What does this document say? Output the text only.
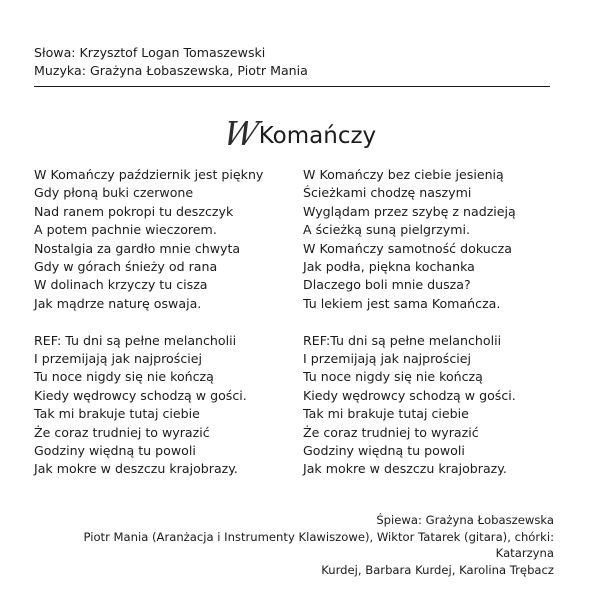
Słowa: Krzysztof Logan Tomaszewski
Muzyka: Grażyna Łobaszewska, Piotr Mania
W Komańczy
W Komańczy październik jest piękny
Gdy płoną buki czerwone
Nad ranem pokropi tu deszczyk
A potem pachnie wieczorem.
Nostalgia za gardło mnie chwyta
Gdy w górach śnieży od rana
W dolinach krzyczy tu cisza
Jak mądrze naturę oswaja.
REF: Tu dni są pełne melancholii
I przemijają jak najprościej
Tu noce nigdy się nie kończą
Kiedy wędrowcy schodzą w gości.
Tak mi brakuje tutaj ciebie
Że coraz trudniej to wyrazić
Godziny więdną tu powoli
Jak mokre w deszczu krajobrazy.
W Komańczy bez ciebie jesienią
Ścieżkami chodzę naszymi
Wyglądam przez szybę z nadzieją
A ścieżką suną pielgrzymi.
W Komańczy samotność dokucza
Jak podła, piękna kochanka
Dlaczego boli mnie dusza?
Tu lekiem jest sama Komańcza.
REF:Tu dni są pełne melancholii
I przemijają jak najprościej
Tu noce nigdy się nie kończą
Kiedy wędrowcy schodzą w gości.
Tak mi brakuje tutaj ciebie
Że coraz trudniej to wyrazić
Godziny więdną tu powoli
Jak mokre w deszczu krajobrazy.
Śpiewa: Grażyna Łobaszewska
Piotr Mania (Aranżacja i Instrumenty Klawiszowe), Wiktor Tatarek (gitara), chórki: Katarzyna
Kurdej, Barbara Kurdej, Karolina Trębacz
